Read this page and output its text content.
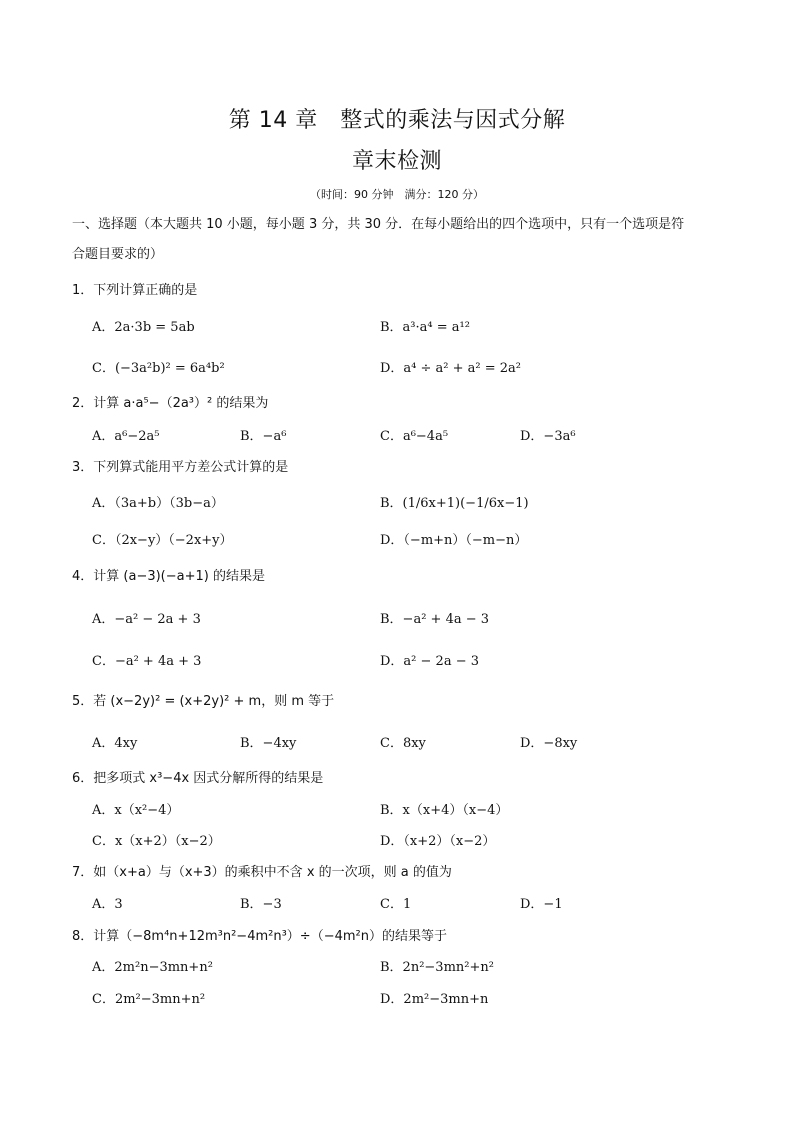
第 14 章　整式的乘法与因式分解
章末检测
（时间：90 分钟　满分：120 分）
一、选择题（本大题共 10 小题，每小题 3 分，共 30 分．在每小题给出的四个选项中，只有一个选项是符
合题目要求的）
1．下列计算正确的是
A．2a·3b = 5ab	B．a³·a⁴ = a¹²
C．(−3a²b)² = 6a⁴b²	D．a⁴ ÷ a² + a² = 2a²
2．计算 a·a⁵−（2a³）² 的结果为
A．a⁶−2a⁵	B．−a⁶	C．a⁶−4a⁵	D．−3a⁶
3．下列算式能用平方差公式计算的是
A．（3a+b）（3b−a）	B．(1/6x+1)(−1/6x−1)
C．（2x−y）（−2x+y）	D．（−m+n）（−m−n）
4．计算 (a−3)(−a+1) 的结果是
A．−a² − 2a + 3	B．−a² + 4a − 3
C．−a² + 4a + 3	D．a² − 2a − 3
5．若 (x−2y)² = (x+2y)² + m，则 m 等于
A．4xy	B．−4xy	C．8xy	D．−8xy
6．把多项式 x³−4x 因式分解所得的结果是
A．x（x²−4）	B．x（x+4）（x−4）
C．x（x+2）（x−2）	D．（x+2）（x−2）
7．如（x+a）与（x+3）的乘积中不含 x 的一次项，则 a 的值为
A．3	B．−3	C．1	D．−1
8．计算（−8m⁴n+12m³n²−4m²n³）÷（−4m²n）的结果等于
A．2m²n−3mn+n²	B．2n²−3mn²+n²
C．2m²−3mn+n²	D．2m²−3mn+n
